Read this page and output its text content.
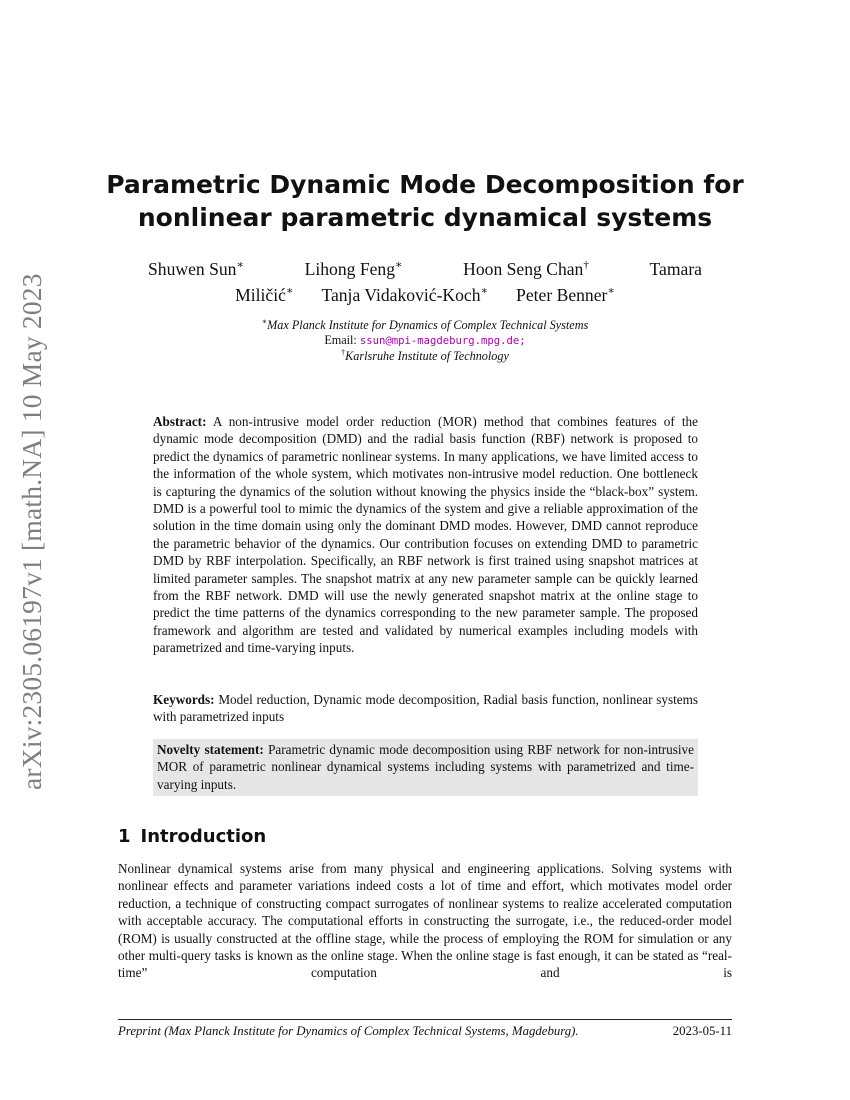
arXiv:2305.06197v1 [math.NA] 10 May 2023
Parametric Dynamic Mode Decomposition for
nonlinear parametric dynamical systems
Shuwen Sun∗	Lihong Feng∗	Hoon Seng Chan†	Tamara
Miličić∗ Tanja Vidaković-Koch∗ Peter Benner∗
∗Max Planck Institute for Dynamics of Complex Technical Systems
Email: ssun@mpi-magdeburg.mpg.de;
†Karlsruhe Institute of Technology

Abstract: A non-intrusive model order reduction (MOR) method that combines features of the dynamic mode decomposition (DMD) and the radial basis function (RBF) network is proposed to predict the dynamics of parametric nonlinear systems. In many applications, we have limited access to the information of the whole system, which motivates non-intrusive model reduction. One bottleneck is capturing the dynamics of the solution without knowing the physics inside the “black-box” system. DMD is a powerful tool to mimic the dynamics of the system and give a reliable approximation of the solution in the time domain using only the dominant DMD modes. However, DMD cannot reproduce the parametric behavior of the dynamics. Our contribution focuses on extending DMD to parametric DMD by RBF interpolation. Specifically, an RBF network is first trained using snapshot matrices at limited parameter samples. The snapshot matrix at any new parameter sample can be quickly learned from the RBF network. DMD will use the newly generated snapshot matrix at the online stage to predict the time patterns of the dynamics corresponding to the new parameter sample. The proposed framework and algorithm are tested and validated by numerical examples including models with parametrized and time-varying inputs.

Keywords: Model reduction, Dynamic mode decomposition, Radial basis function, nonlinear systems with parametrized inputs

Novelty statement: Parametric dynamic mode decomposition using RBF network for non-intrusive MOR of parametric nonlinear dynamical systems including systems with parametrized and time-varying inputs.
1 Introduction

Nonlinear dynamical systems arise from many physical and engineering applications. Solving systems with nonlinear effects and parameter variations indeed costs a lot of time and effort, which motivates model order reduction, a technique of constructing compact surrogates of nonlinear systems to realize accelerated computation with acceptable accuracy. The computational efforts in constructing the surrogate, i.e., the reduced-order model (ROM) is usually constructed at the offline stage, while the process of employing the ROM for simulation or any other multi-query tasks is known as the online stage. When the online stage is fast enough, it can be stated as “real-time” computation and is

Preprint (Max Planck Institute for Dynamics of Complex Technical Systems, Magdeburg).	2023-05-11
